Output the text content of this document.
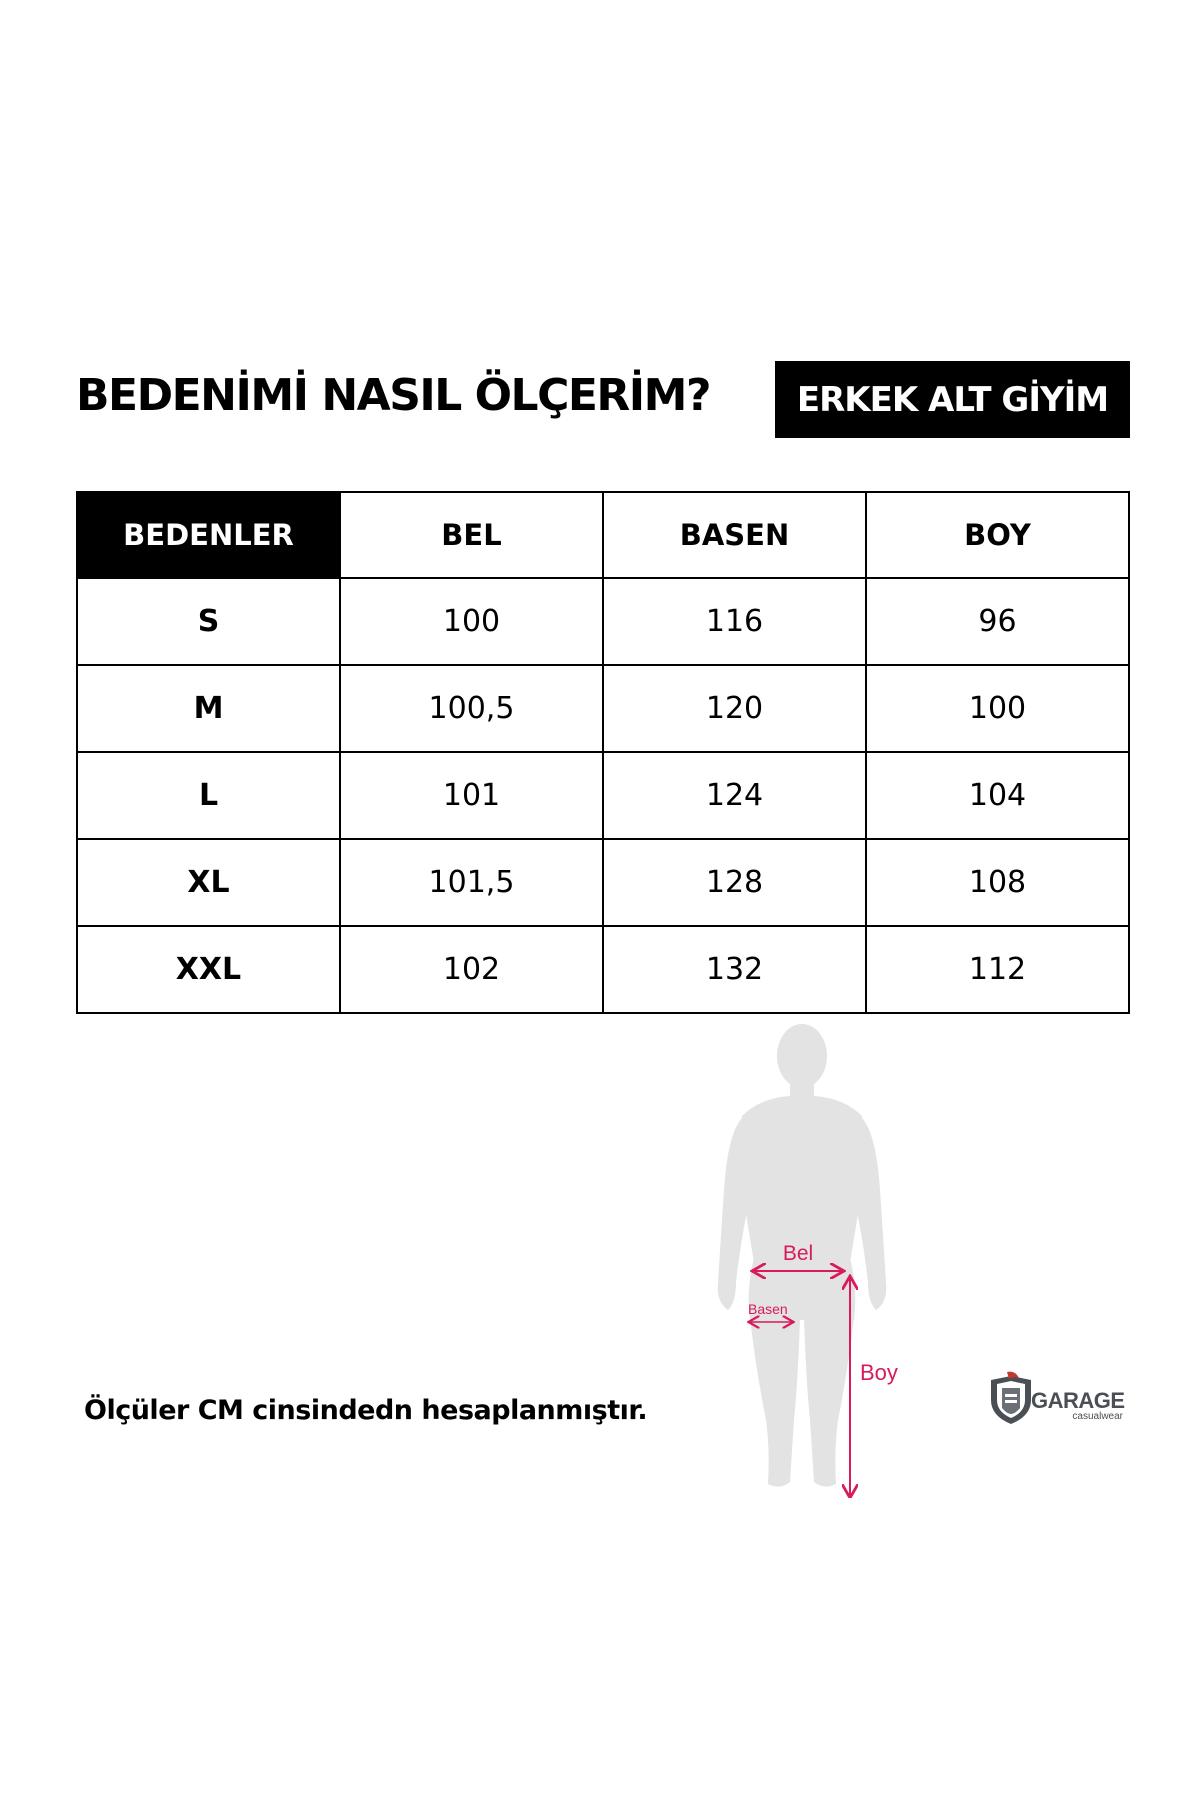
BEDENİMİ NASIL ÖLÇERİM?	ERKEK ALT GİYİM
BEDENLER	BEL	BASEN	BOY
S	100	116	96
M	100,5	120	100
L	101	124	104
XL	101,5	128	108
XXL	102	132	112
Bel
Basen
Boy
Ölçüler CM cinsindedn hesaplanmıştır.	GARAGE
casualwear
